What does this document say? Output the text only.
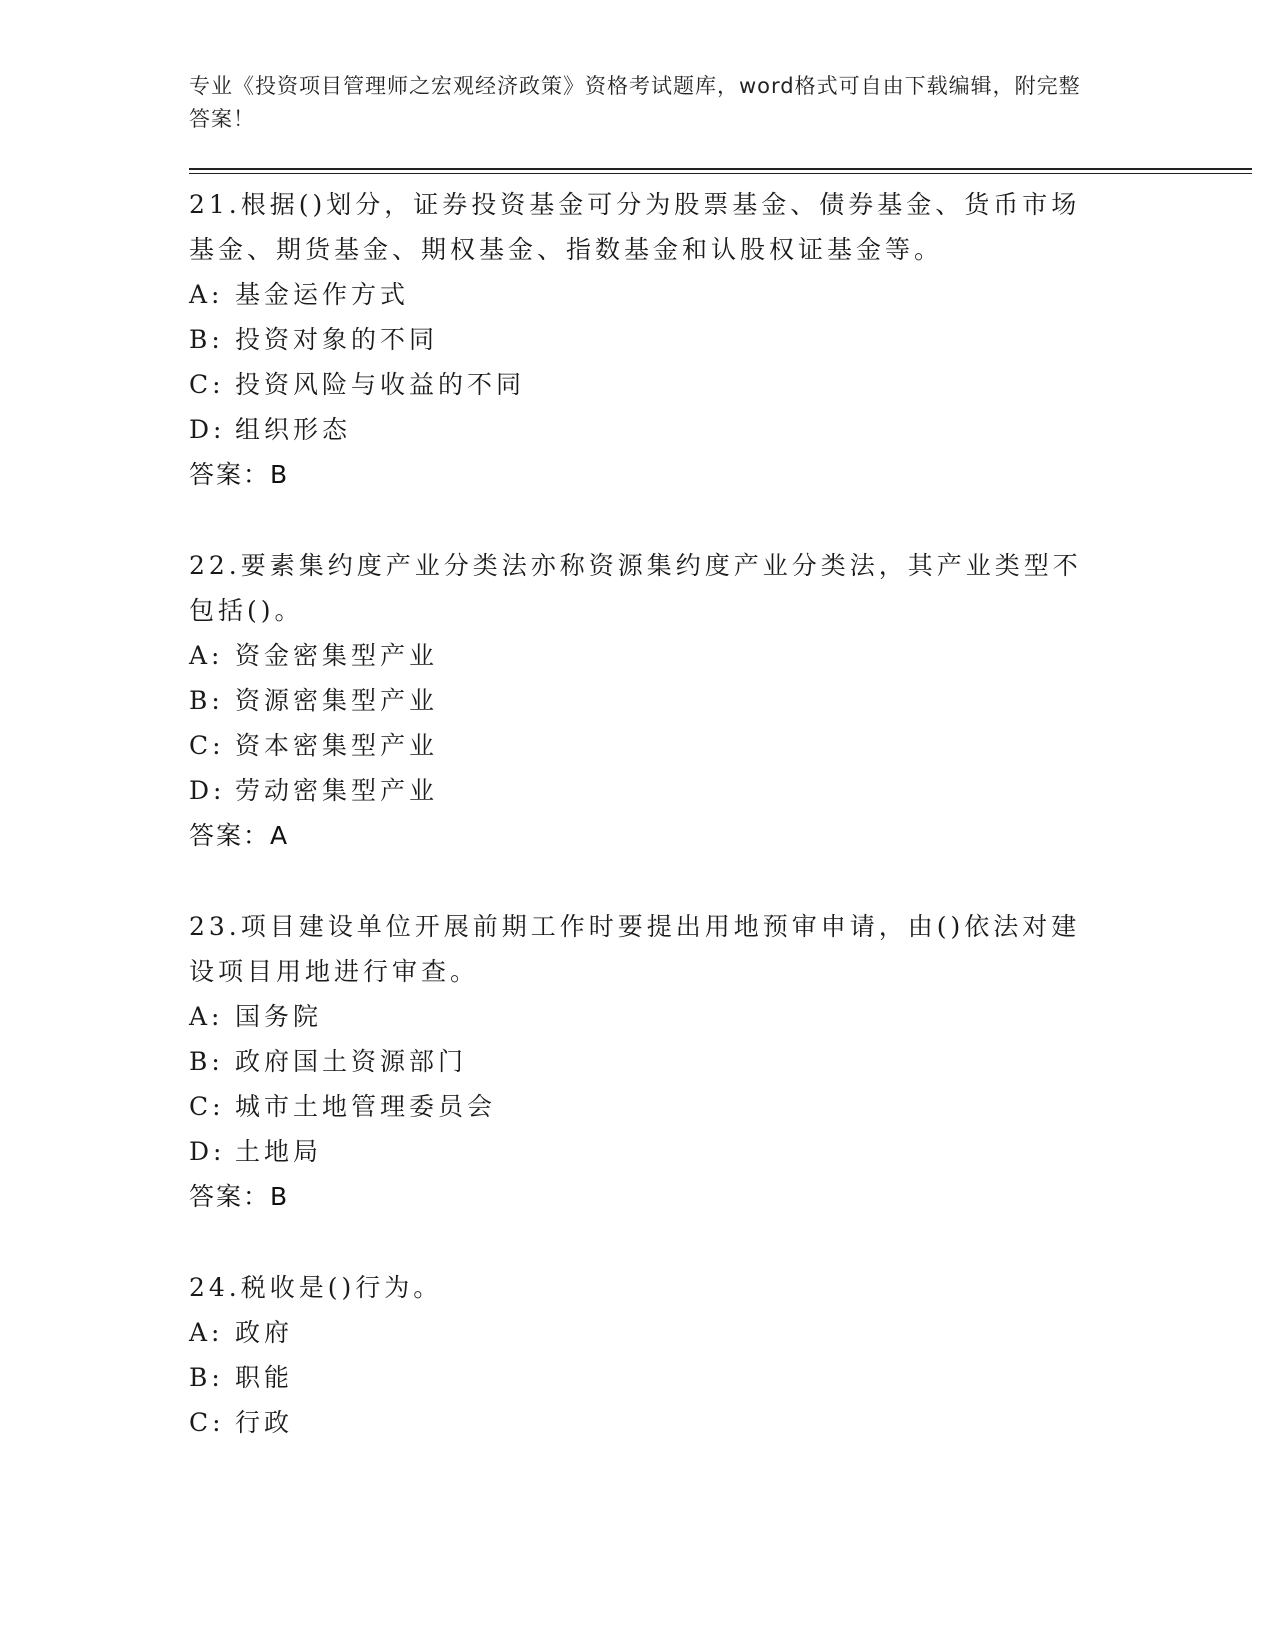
专业《投资项目管理师之宏观经济政策》资格考试题库，word格式可自由下载编辑，附完整答案！
21.根据()划分，证券投资基金可分为股票基金、债券基金、货币市场基金、期货基金、期权基金、指数基金和认股权证基金等。
A: 基金运作方式
B: 投资对象的不同
C: 投资风险与收益的不同
D: 组织形态
答案：B
22.要素集约度产业分类法亦称资源集约度产业分类法，其产业类型不包括()。
A: 资金密集型产业
B: 资源密集型产业
C: 资本密集型产业
D: 劳动密集型产业
答案：A
23.项目建设单位开展前期工作时要提出用地预审申请，由()依法对建设项目用地进行审查。
A: 国务院
B: 政府国土资源部门
C: 城市土地管理委员会
D: 土地局
答案：B
24.税收是()行为。
A: 政府
B: 职能
C: 行政
